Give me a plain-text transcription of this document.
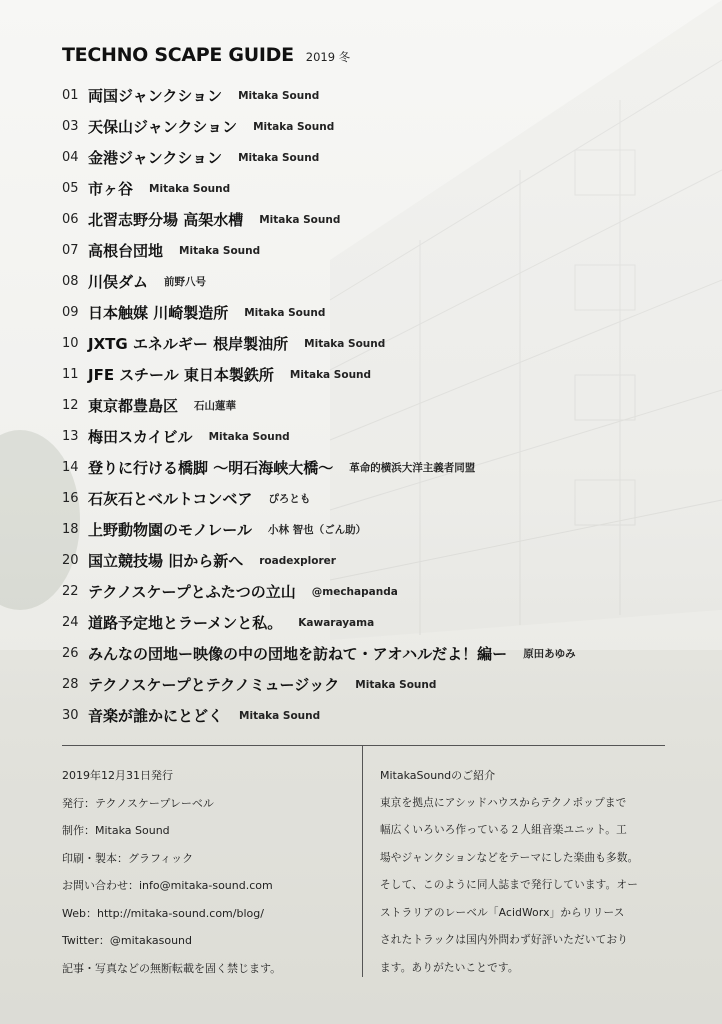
TECHNO SCAPE GUIDE 2019 冬
01 両国ジャンクション Mitaka Sound
03 天保山ジャンクション Mitaka Sound
04 金港ジャンクション Mitaka Sound
05 市ヶ谷 Mitaka Sound
06 北習志野分場 高架水槽 Mitaka Sound
07 高根台団地 Mitaka Sound
08 川俣ダム 前野八号
09 日本触媒 川崎製造所 Mitaka Sound
10 JXTG エネルギー 根岸製油所 Mitaka Sound
11 JFE スチール 東日本製鉄所 Mitaka Sound
12 東京都豊島区 石山蓮華
13 梅田スカイビル Mitaka Sound
14 登りに行ける橋脚 〜明石海峡大橋〜 革命的横浜大洋主義者同盟
16 石灰石とベルトコンベア ぴろとも
18 上野動物園のモノレール 小林 智也（ごん助）
20 国立競技場 旧から新へ roadexplorer
22 テクノスケープとふたつの立山 @mechapanda
24 道路予定地とラーメンと私。 Kawarayama
26 みんなの団地ー映像の中の団地を訪ねて・アオハルだよ！編ー 原田あゆみ
28 テクノスケープとテクノミュージック Mitaka Sound
30 音楽が誰かにとどく Mitaka Sound
2019年12月31日発行
発行：テクノスケープレーベル
制作：Mitaka Sound
印刷・製本：グラフィック
お問い合わせ：info@mitaka-sound.com
Web：http://mitaka-sound.com/blog/
Twitter：@mitakasound
記事・写真などの無断転載を固く禁じます。
MitakaSoundのご紹介
東京を拠点にアシッドハウスからテクノポップまで
幅広くいろいろ作っている２人組音楽ユニット。工
場やジャンクションなどをテーマにした楽曲も多数。
そして、このように同人誌まで発行しています。オー
ストラリアのレーベル「AcidWorx」からリリース
されたトラックは国内外問わず好評いただいており
ます。ありがたいことです。
